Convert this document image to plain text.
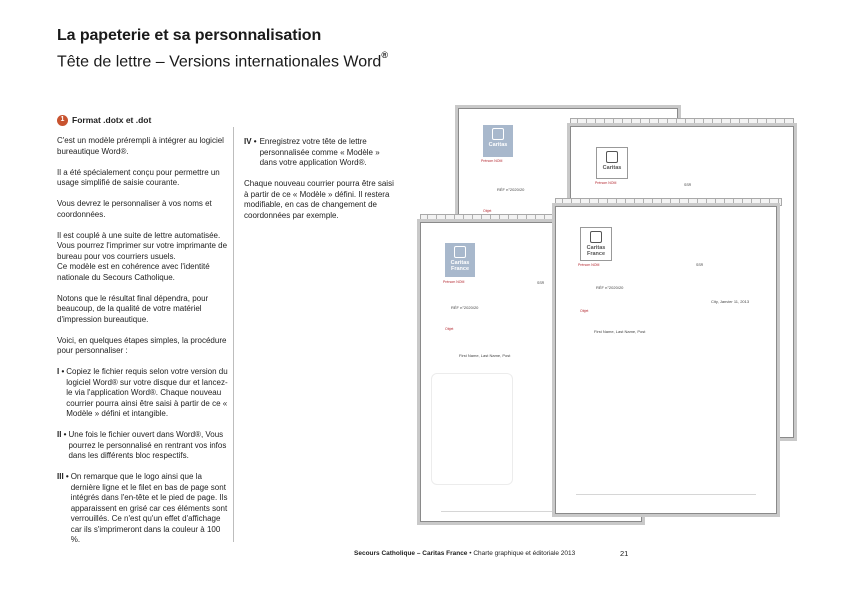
La papeterie et sa personnalisation
Tête de lettre – Versions internationales Word®
1 Format .dotx et .dot

C'est un modèle prérempli à intégrer au logiciel bureautique Word®.

Il a été spécialement conçu pour permettre un usage simplifié de saisie courante.

Vous devrez le personnaliser à vos noms et coordonnées.

Il est couplé à une suite de lettre automatisée. Vous pourrez l'imprimer sur votre imprimante de bureau pour vos courriers usuels.
Ce modèle est en cohérence avec l'identité nationale du Secours Catholique.

Notons que le résultat final dépendra, pour beaucoup, de la qualité de votre matériel d'impression bureautique.

Voici, en quelques étapes simples, la procédure pour personnaliser :

I • Copiez le fichier requis selon votre version du logiciel Word® sur votre disque dur et lancez-le via l'application Word®. Chaque nouveau courrier pourra ainsi être saisi à partir de ce « Modèle » défini et intangible.
II • Une fois le fichier ouvert dans Word®, Vous pourrez le personnalisé en rentrant vos infos dans les différents bloc respectifs.
III • On remarque que le logo ainsi que la dernière ligne et le filet en bas de page sont intégrés dans l'en-tête et le pied de page. Ils apparaissent en grisé car ces éléments sont verrouillés. Ce n'est qu'un effet d'affichage car ils s'imprimeront dans la couleur à 100 %.
IV • Enregistrez votre tête de lettre personnalisée comme « Modèle » dans votre application Word®.

Chaque nouveau courrier pourra être saisi à partir de ce « Modèle » défini. Il restera modifiable, en cas de changement de coordonnées par exemple.

Caritas
Prénom NOM
RÉF n°2020/20
Objet
Caritas
Prénom NOM	SSR
Caritas
France
Prénom NOM	SSR
RÉF n°2020/20
Objet
First Name, Last Name, Post
Caritas
France
Prénom NOM	SSR
RÉF n°2020/20
City, Janvier 11, 2013
Objet
First Name, Last Name, Post
Secours Catholique – Caritas France • Charte graphique et éditoriale 2013	21
